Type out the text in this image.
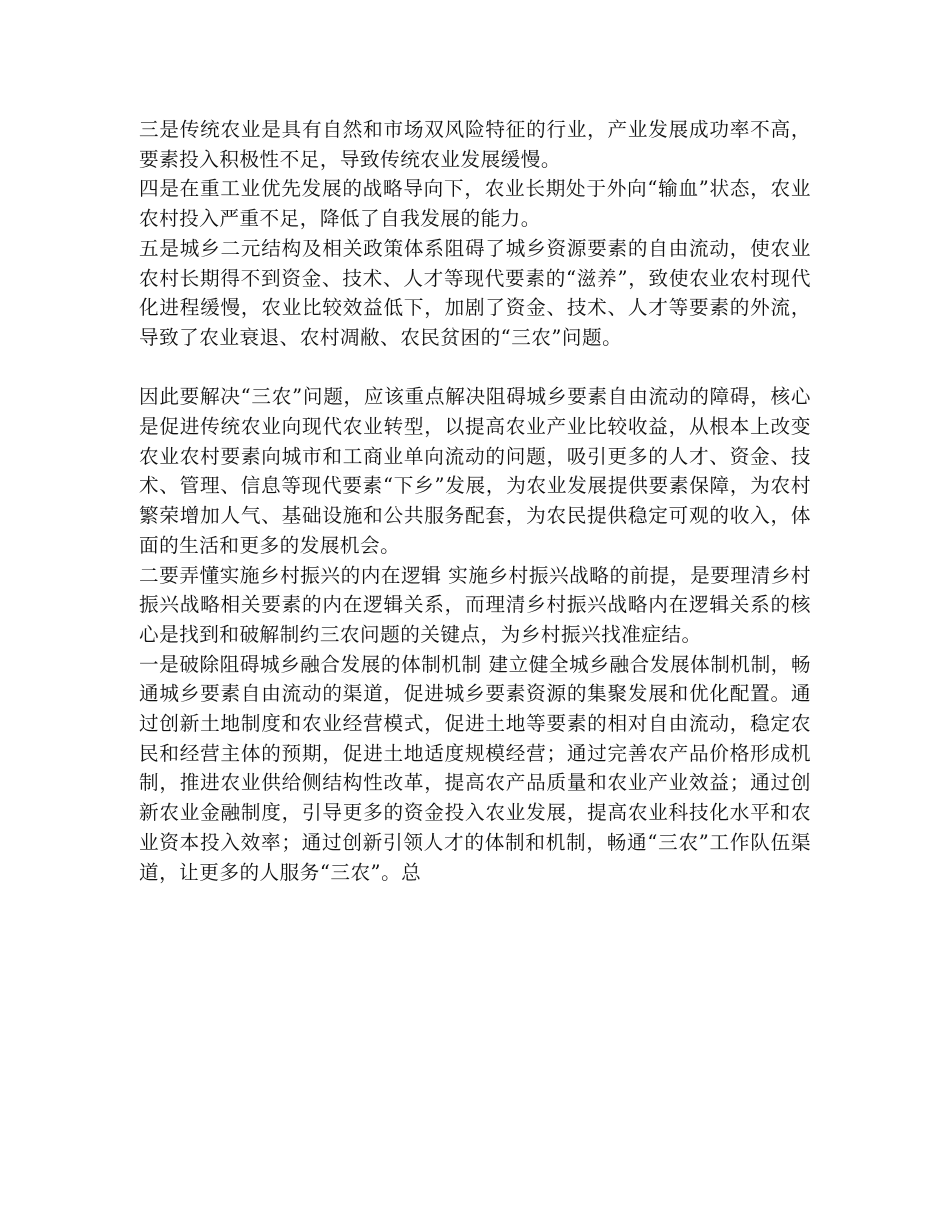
三是传统农业是具有自然和市场双风险特征的行业，产业发展成功率不高，要素投入积极性不足，导致传统农业发展缓慢。

四是在重工业优先发展的战略导向下，农业长期处于外向“输血”状态，农业农村投入严重不足，降低了自我发展的能力。

五是城乡二元结构及相关政策体系阻碍了城乡资源要素的自由流动，使农业农村长期得不到资金、技术、人才等现代要素的“滋养”，致使农业农村现代化进程缓慢，农业比较效益低下，加剧了资金、技术、人才等要素的外流，导致了农业衰退、农村凋敝、农民贫困的“三农”问题。

因此要解决“三农”问题，应该重点解决阻碍城乡要素自由流动的障碍，核心是促进传统农业向现代农业转型，以提高农业产业比较收益，从根本上改变农业农村要素向城市和工商业单向流动的问题，吸引更多的人才、资金、技术、管理、信息等现代要素“下乡”发展，为农业发展提供要素保障，为农村繁荣增加人气、基础设施和公共服务配套，为农民提供稳定可观的收入，体面的生活和更多的发展机会。

二要弄懂实施乡村振兴的内在逻辑 实施乡村振兴战略的前提，是要理清乡村振兴战略相关要素的内在逻辑关系，而理清乡村振兴战略内在逻辑关系的核心是找到和破解制约三农问题的关键点，为乡村振兴找准症结。

一是破除阻碍城乡融合发展的体制机制 建立健全城乡融合发展体制机制，畅通城乡要素自由流动的渠道，促进城乡要素资源的集聚发展和优化配置。通过创新土地制度和农业经营模式，促进土地等要素的相对自由流动，稳定农民和经营主体的预期，促进土地适度规模经营；通过完善农产品价格形成机制，推进农业供给侧结构性改革，提高农产品质量和农业产业效益；通过创新农业金融制度，引导更多的资金投入农业发展，提高农业科技化水平和农业资本投入效率；通过创新引领人才的体制和机制，畅通“三农”工作队伍渠道，让更多的人服务“三农”。总
